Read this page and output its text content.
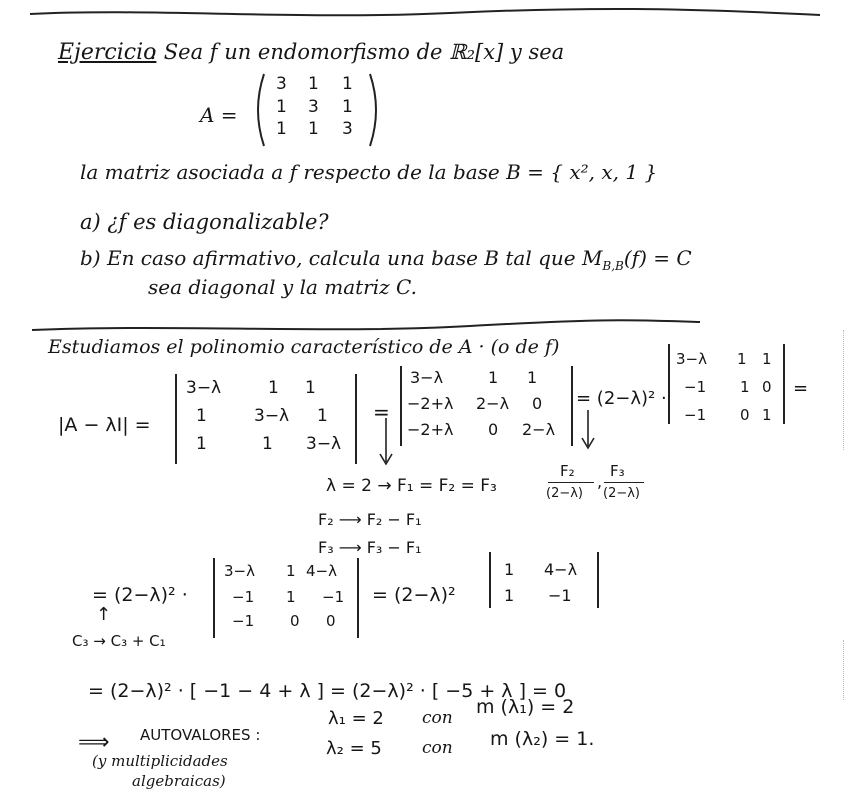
Ejercicio
: Sea f un endomorfismo de ℝ₂[x] y sea
A =
3 1 1
1 3 1
1 1 3
la matriz asociada a f respecto de la base B = { x², x, 1 }
a) ¿f es diagonalizable?
b) En caso afirmativo, calcula una base B tal que $M_{B,B}(f) = C$
sea diagonal y la matriz C.
Estudiamos el polinomio característico de A · (o de f)
|A − λI| =
3−λ	1 1
1	3−λ 1
1	1 3−λ
=
3−λ	1 1
−2+λ 2−λ 0
−2+λ 0 2−λ
= (2−λ)² ·
3−λ 1 1
−1 1 0
−1 0 1
=
λ = 2 → F₁ = F₂ = F₃
F₂
(2−λ)
,
F₃
(2−λ)
F₂ ⟶ F₂ − F₁
F₃ ⟶ F₃ − F₁
= (2−λ)² ·
3−λ 1 4−λ
−1 1 −1
−1 0 0
= (2−λ)²
1 4−λ
1 −1
↑
C₃ → C₃ + C₁
= (2−λ)² · [ −1 − 4 + λ ] = (2−λ)² · [ −5 + λ ] = 0
⟹ AUTOVALORES :
(y multiplicidades
algebraicas)
λ₁ = 2 con m (λ₁) = 2
λ₂ = 5 con m (λ₂) = 1.
